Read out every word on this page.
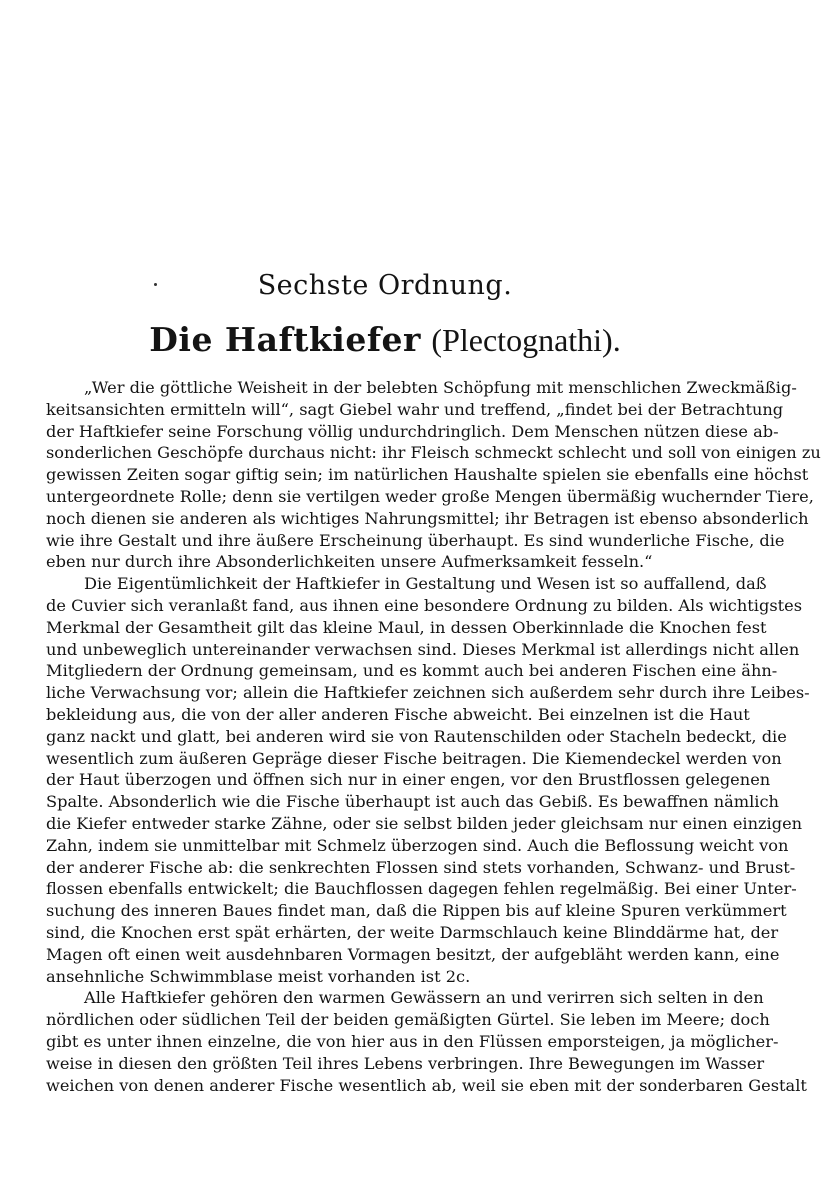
Sechste Ordnung.
Die Haftkiefer (Plectognathi).
„Wer die göttliche Weisheit in der belebten Schöpfung mit menschlichen Zweckmäßig-
keitsansichten ermitteln will“, sagt Giebel wahr und treffend, „findet bei der Betrachtung
der Haftkiefer seine Forschung völlig undurchdringlich. Dem Menschen nützen diese ab-
sonderlichen Geschöpfe durchaus nicht: ihr Fleisch schmeckt schlecht und soll von einigen zu
gewissen Zeiten sogar giftig sein; im natürlichen Haushalte spielen sie ebenfalls eine höchst
untergeordnete Rolle; denn sie vertilgen weder große Mengen übermäßig wuchernder Tiere,
noch dienen sie anderen als wichtiges Nahrungsmittel; ihr Betragen ist ebenso absonderlich
wie ihre Gestalt und ihre äußere Erscheinung überhaupt. Es sind wunderliche Fische, die
eben nur durch ihre Absonderlichkeiten unsere Aufmerksamkeit fesseln.“
Die Eigentümlichkeit der Haftkiefer in Gestaltung und Wesen ist so auffallend, daß
de Cuvier sich veranlaßt fand, aus ihnen eine besondere Ordnung zu bilden. Als wichtigstes
Merkmal der Gesamtheit gilt das kleine Maul, in dessen Oberkinnlade die Knochen fest
und unbeweglich untereinander verwachsen sind. Dieses Merkmal ist allerdings nicht allen
Mitgliedern der Ordnung gemeinsam, und es kommt auch bei anderen Fischen eine ähn-
liche Verwachsung vor; allein die Haftkiefer zeichnen sich außerdem sehr durch ihre Leibes-
bekleidung aus, die von der aller anderen Fische abweicht. Bei einzelnen ist die Haut
ganz nackt und glatt, bei anderen wird sie von Rautenschilden oder Stacheln bedeckt, die
wesentlich zum äußeren Gepräge dieser Fische beitragen. Die Kiemendeckel werden von
der Haut überzogen und öffnen sich nur in einer engen, vor den Brustflossen gelegenen
Spalte. Absonderlich wie die Fische überhaupt ist auch das Gebiß. Es bewaffnen nämlich
die Kiefer entweder starke Zähne, oder sie selbst bilden jeder gleichsam nur einen einzigen
Zahn, indem sie unmittelbar mit Schmelz überzogen sind. Auch die Beflossung weicht von
der anderer Fische ab: die senkrechten Flossen sind stets vorhanden, Schwanz- und Brust-
flossen ebenfalls entwickelt; die Bauchflossen dagegen fehlen regelmäßig. Bei einer Unter-
suchung des inneren Baues findet man, daß die Rippen bis auf kleine Spuren verkümmert
sind, die Knochen erst spät erhärten, der weite Darmschlauch keine Blinddärme hat, der
Magen oft einen weit ausdehnbaren Vormagen besitzt, der aufgebläht werden kann, eine
ansehnliche Schwimmblase meist vorhanden ist 2c.
Alle Haftkiefer gehören den warmen Gewässern an und verirren sich selten in den
nördlichen oder südlichen Teil der beiden gemäßigten Gürtel. Sie leben im Meere; doch
gibt es unter ihnen einzelne, die von hier aus in den Flüssen emporsteigen, ja möglicher-
weise in diesen den größten Teil ihres Lebens verbringen. Ihre Bewegungen im Wasser
weichen von denen anderer Fische wesentlich ab, weil sie eben mit der sonderbaren Gestalt
